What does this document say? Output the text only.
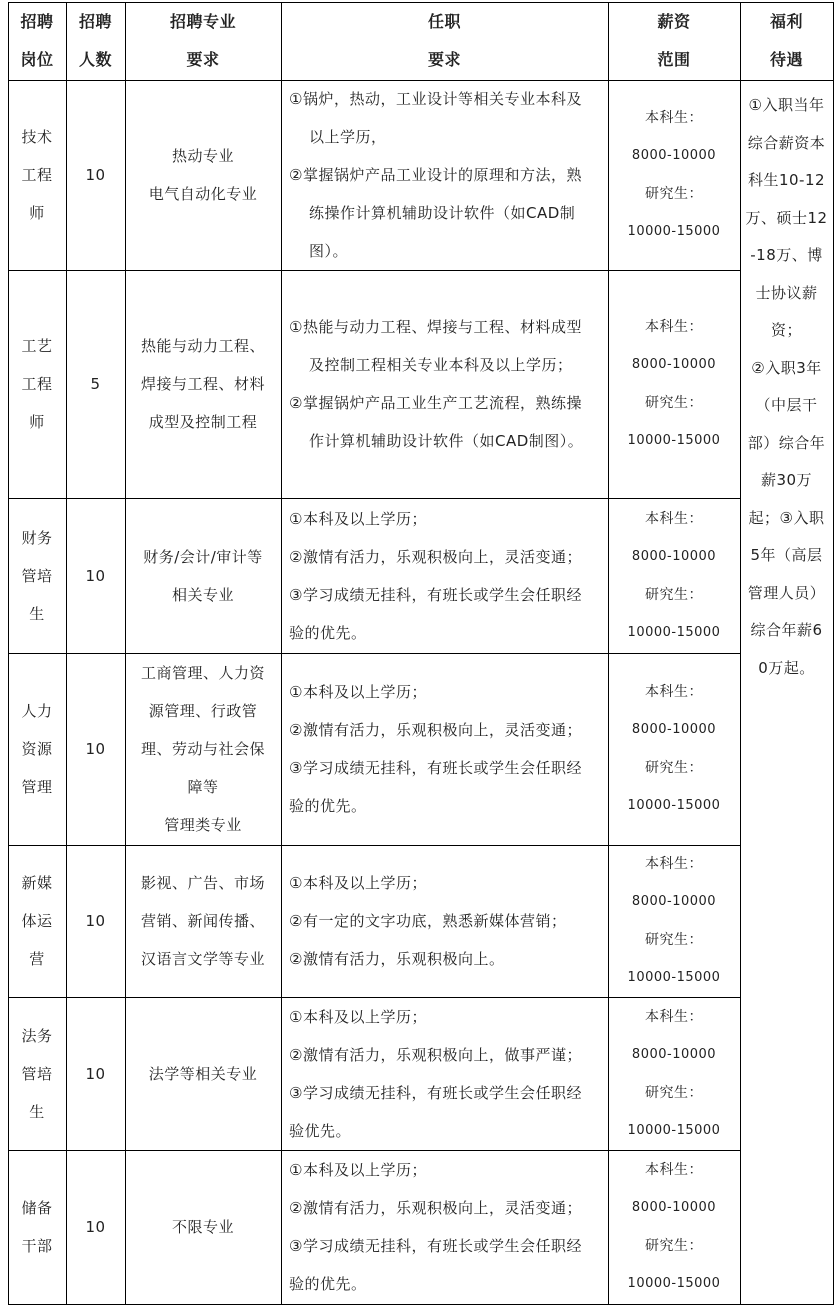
招聘
岗位
招聘
人数
招聘专业
要求
任职
要求
薪资
范围
福利
待遇
技术
工程
师
10
热动专业
电气自动化专业
①锅炉，热动，工业设计等相关专业本科及
以上学历，
②掌握锅炉产品工业设计的原理和方法，熟
练操作计算机辅助设计软件（如CAD制
图）。
本科生：
8000-10000
研究生：
10000-15000
工艺
工程
师
5
热能与动力工程、
焊接与工程、材料
成型及控制工程
①热能与动力工程、焊接与工程、材料成型
及控制工程相关专业本科及以上学历；
②掌握锅炉产品工业生产工艺流程，熟练操
作计算机辅助设计软件（如CAD制图）。
本科生：
8000-10000
研究生：
10000-15000
财务
管培
生
10
财务/会计/审计等
相关专业
①本科及以上学历；
②激情有活力，乐观积极向上，灵活变通；
③学习成绩无挂科，有班长或学生会任职经
验的优先。
本科生：
8000-10000
研究生：
10000-15000
人力
资源
管理
10
工商管理、人力资
源管理、行政管
理、劳动与社会保
障等
管理类专业
①本科及以上学历；
②激情有活力，乐观积极向上，灵活变通；
③学习成绩无挂科，有班长或学生会任职经
验的优先。
本科生：
8000-10000
研究生：
10000-15000
新媒
体运
营
10
影视、广告、市场
营销、新闻传播、
汉语言文学等专业
①本科及以上学历；
②有一定的文字功底，熟悉新媒体营销；
②激情有活力，乐观积极向上。
本科生：
8000-10000
研究生：
10000-15000
法务
管培
生
10	法学等相关专业
①本科及以上学历；
②激情有活力，乐观积极向上，做事严谨；
③学习成绩无挂科，有班长或学生会任职经
验优先。
本科生：
8000-10000
研究生：
10000-15000
储备
干部
10	不限专业
①本科及以上学历；
②激情有活力，乐观积极向上，灵活变通；
③学习成绩无挂科，有班长或学生会任职经
验的优先。
本科生：
8000-10000
研究生：
10000-15000
①入职当年
综合薪资本
科生10-12
万、硕士12
-18万、博
士协议薪
资；
②入职3年
（中层干
部）综合年
薪30万
起；③入职
5年（高层
管理人员）
综合年薪6
0万起。
